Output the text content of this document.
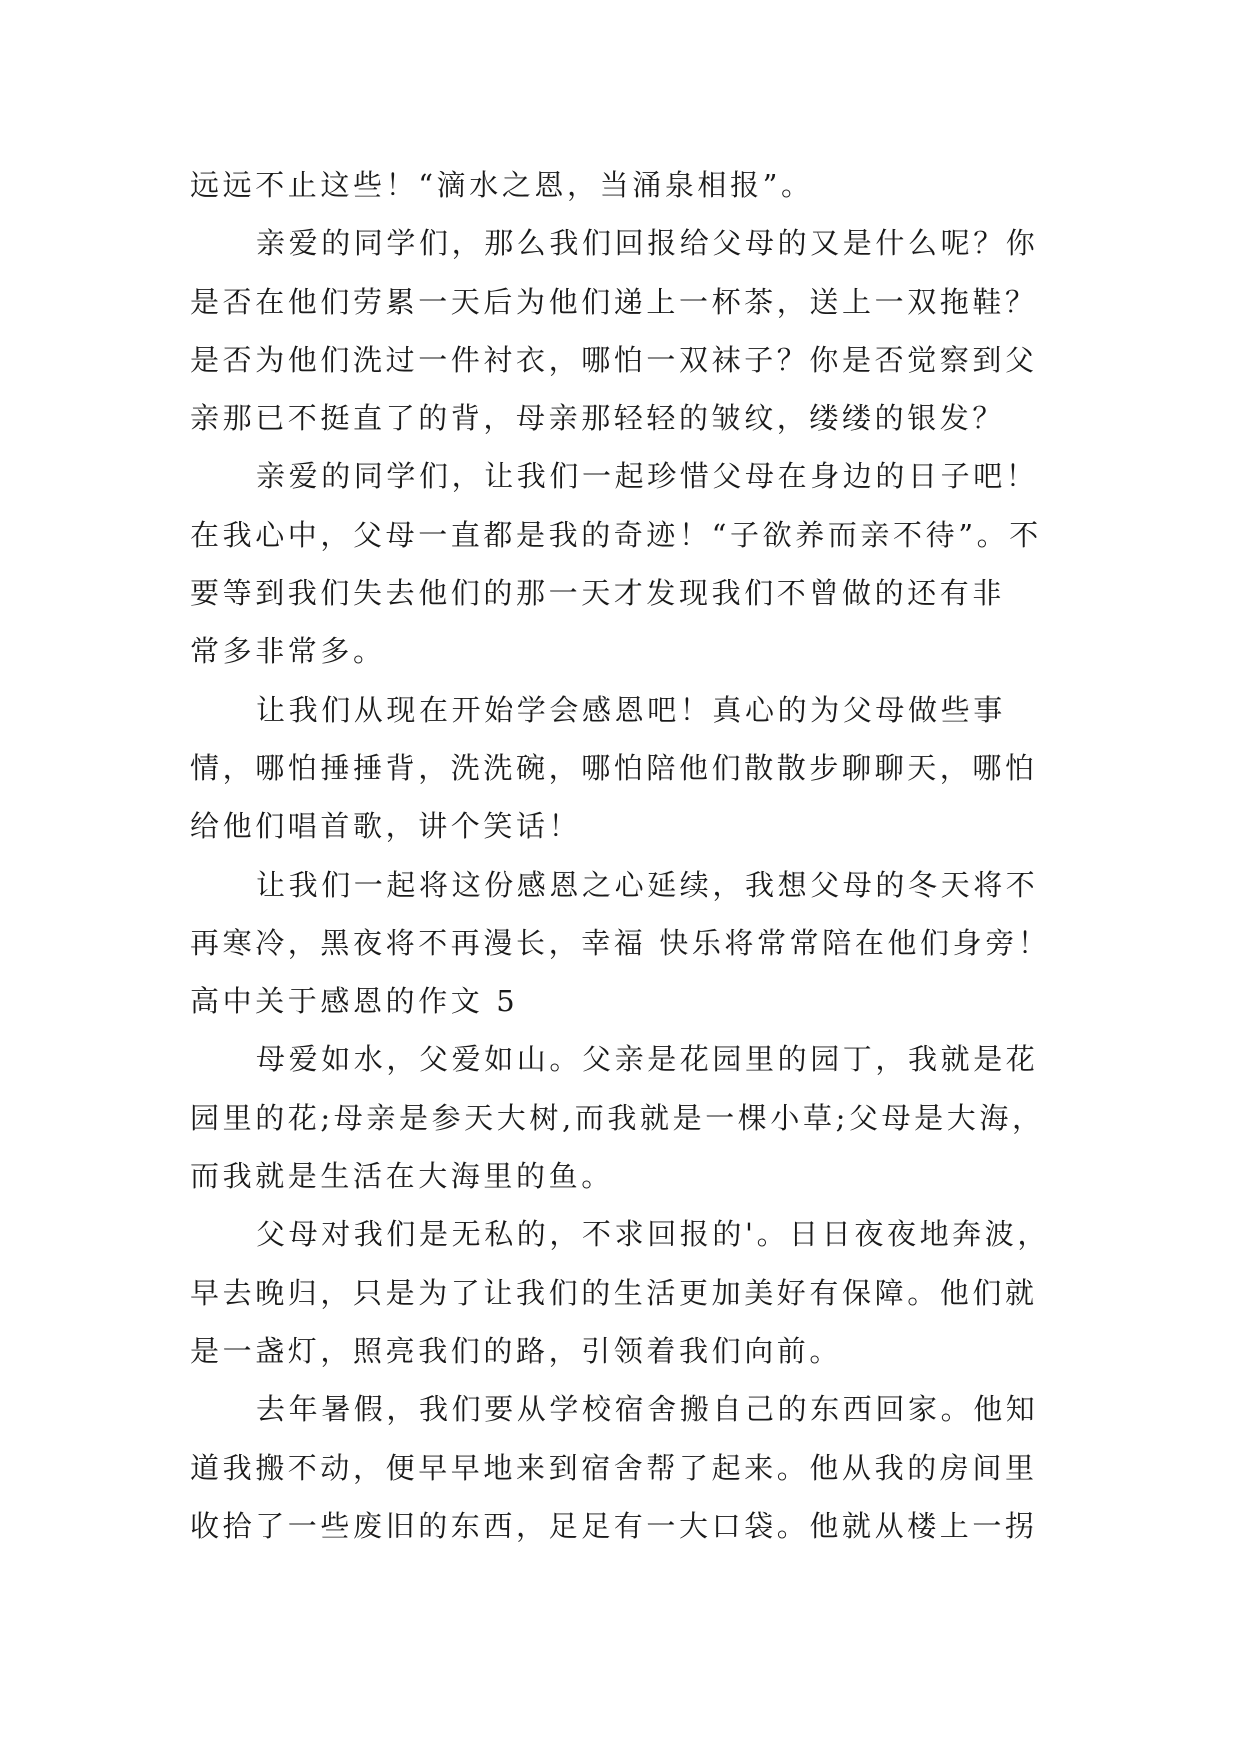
远远不止这些！“滴水之恩，当涌泉相报”。
亲爱的同学们，那么我们回报给父母的又是什么呢？你
是否在他们劳累一天后为他们递上一杯茶，送上一双拖鞋？
是否为他们洗过一件衬衣，哪怕一双袜子？你是否觉察到父
亲那已不挺直了的背，母亲那轻轻的皱纹，缕缕的银发？
亲爱的同学们，让我们一起珍惜父母在身边的日子吧！
在我心中，父母一直都是我的奇迹！“子欲养而亲不待”。不
要等到我们失去他们的那一天才发现我们不曾做的还有非
常多非常多。
让我们从现在开始学会感恩吧！真心的为父母做些事
情，哪怕捶捶背，洗洗碗，哪怕陪他们散散步聊聊天，哪怕
给他们唱首歌，讲个笑话！
让我们一起将这份感恩之心延续，我想父母的冬天将不
再寒冷，黑夜将不再漫长，幸福 快乐将常常陪在他们身旁！
高中关于感恩的作文 5
母爱如水，父爱如山。父亲是花园里的园丁，我就是花
园里的花;母亲是参天大树,而我就是一棵小草;父母是大海，
而我就是生活在大海里的鱼。
父母对我们是无私的，不求回报的'。日日夜夜地奔波，
早去晚归，只是为了让我们的生活更加美好有保障。他们就
是一盏灯，照亮我们的路，引领着我们向前。
去年暑假，我们要从学校宿舍搬自己的东西回家。他知
道我搬不动，便早早地来到宿舍帮了起来。他从我的房间里
收拾了一些废旧的东西，足足有一大口袋。他就从楼上一拐
